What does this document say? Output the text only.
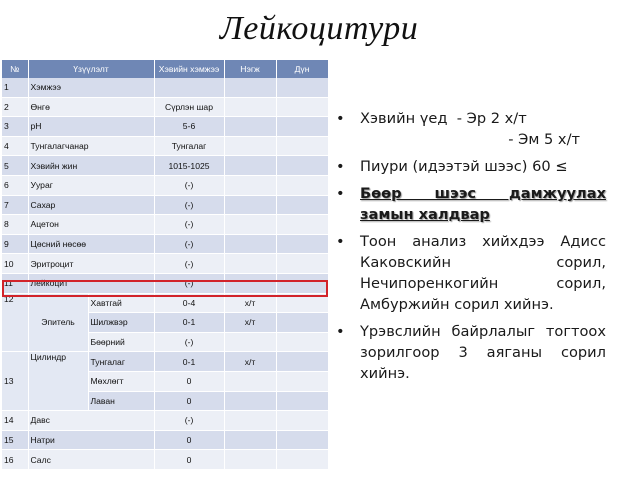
Лейкоцитури
№	Үзүүлэлт		Хэвийн хэмжээ	Нэгж	Дүн
1	Хэмжээ				
2	Өнгө		Сүрлэн шар		
3	pH		5-6		
4	Тунгалагчанар		Тунгалаг		
5	Хэвийн жин		1015-1025		
6	Уураг		(-)		
7	Сахар		(-)		
8	Ацетон		(-)		
9	Цөсний нөсөө		(-)		
10	Эритроцит		(-)		
11	Лейкоцит		(-)		
12	Эпитель	Хавтгай	0-4	х/т	
		Шилжвэр	0-1	х/т	
		Бөөрний	(-)		
13	Цилиндр	Тунгалаг	0-1	х/т	
		Мөхлөгт	0		
		Лаван	0		
14	Давс		(-)		
15	Натри		0		
16	Салс		0		
•	Хэвийн үед  - Эр 2 х/т
- Эм 5 х/т
•	Пиури (идээтэй шээс) 60 ≤
•	Бөөр шээс дамжуулах замын халдвар
•	Тоон анализ хийхдээ Адисс Каковскийн сорил, Нечипоренкогийн сорил, Амбуржийн сорил хийнэ.
•	Үрэвслийн байрлалыг тогтоох зорилгоор 3 аяганы сорил хийнэ.
